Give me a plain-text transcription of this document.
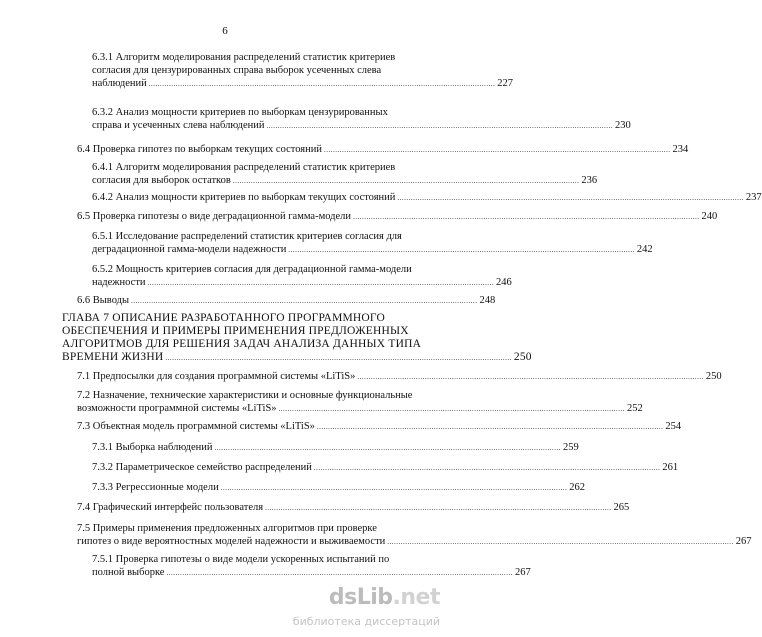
6
6.3.1 Алгоритм моделирования распределений статистик критериев
согласия для цензурированных справа выборок усеченных слева
наблюдений .......................................................................................................................................................... 227
6.3.2 Анализ мощности критериев по выборкам цензурированных
справа и усеченных слева наблюдений .......................................................................................................................................................... 230
6.4 Проверка гипотез по выборкам текущих состояний .......................................................................................................................................................... 234
6.4.1 Алгоритм моделирования распределений статистик критериев
согласия для выборок остатков .......................................................................................................................................................... 236
6.4.2 Анализ мощности критериев по выборкам текущих состояний .......................................................................................................................................................... 237
6.5 Проверка гипотезы о виде деградационной гамма-модели .......................................................................................................................................................... 240
6.5.1 Исследование распределений статистик критериев согласия для
деградационной гамма-модели надежности .......................................................................................................................................................... 242
6.5.2 Мощность критериев согласия для деградационной гамма-модели
надежности .......................................................................................................................................................... 246
6.6 Выводы .......................................................................................................................................................... 248
ГЛАВА 7 ОПИСАНИЕ РАЗРАБОТАННОГО ПРОГРАММНОГО
ОБЕСПЕЧЕНИЯ И ПРИМЕРЫ ПРИМЕНЕНИЯ ПРЕДЛОЖЕННЫХ
АЛГОРИТМОВ ДЛЯ РЕШЕНИЯ ЗАДАЧ АНАЛИЗА ДАННЫХ ТИПА
ВРЕМЕНИ ЖИЗНИ .......................................................................................................................................................... 250
7.1 Предпосылки для создания программной системы «LiTiS» .......................................................................................................................................................... 250
7.2 Назначение, технические характеристики и основные функциональные
возможности программной системы «LiTiS» .......................................................................................................................................................... 252
7.3 Объектная модель программной системы «LiTiS» .......................................................................................................................................................... 254
7.3.1 Выборка наблюдений .......................................................................................................................................................... 259
7.3.2 Параметрическое семейство распределений .......................................................................................................................................................... 261
7.3.3 Регрессионные модели .......................................................................................................................................................... 262
7.4 Графический интерфейс пользователя .......................................................................................................................................................... 265
7.5 Примеры применения предложенных алгоритмов при проверке
гипотез о виде вероятностных моделей надежности и выживаемости .......................................................................................................................................................... 267
7.5.1 Проверка гипотезы о виде модели ускоренных испытаний по
полной выборке .......................................................................................................................................................... 267
dsLib.net
библиотека диссертаций
